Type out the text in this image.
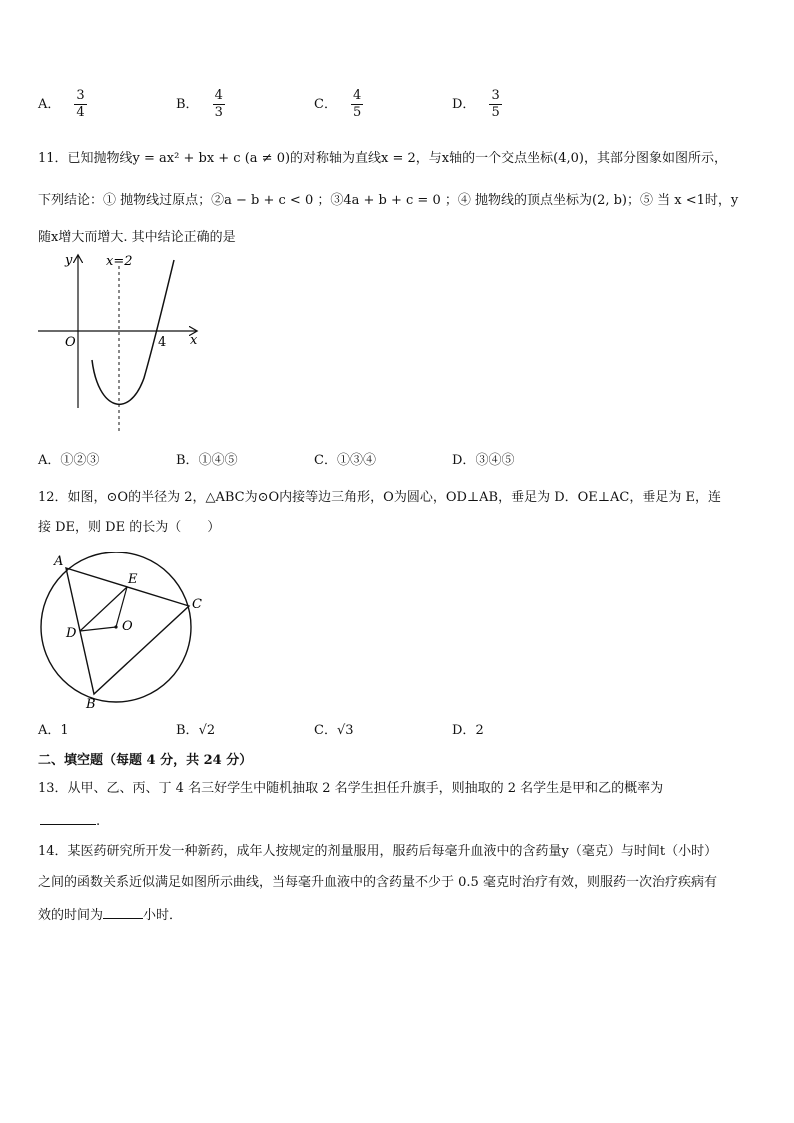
A． $\frac{3}{4}$	B． $\frac{4}{3}$	C． $\frac{4}{5}$	D． $\frac{3}{5}$
11．已知抛物线y = ax² + bx + c (a ≠ 0)的对称轴为直线x = 2，与x轴的一个交点坐标(4,0)，其部分图象如图所示，
下列结论：① 抛物线过原点；②a − b + c < 0 ；③4a + b + c = 0 ；④ 抛物线的顶点坐标为(2, b)；⑤ 当 x <1时，y
随x增大而增大. 其中结论正确的是
y	x=2
O	4 x
A．①②③	B．①④⑤	C．①③④	D．③④⑤
12．如图，⊙O的半径为 2，△ABC为⊙O内接等边三角形，O为圆心，OD⊥AB，垂足为 D．OE⊥AC，垂足为 E，连
接 DE，则 DE 的长为（　　）
A
E
C
O
D
B
A．1	B．√2	C．√3	D．2
二、填空题（每题 4 分，共 24 分）
13．从甲、乙、丙、丁 4 名三好学生中随机抽取 2 名学生担任升旗手，则抽取的 2 名学生是甲和乙的概率为
.
14．某医药研究所开发一种新药，成年人按规定的剂量服用，服药后每毫升血液中的含药量y（毫克）与时间t（小时）
之间的函数关系近似满足如图所示曲线，当每毫升血液中的含药量不少于 0.5 毫克时治疗有效，则服药一次治疗疾病有
效的时间为	小时．
